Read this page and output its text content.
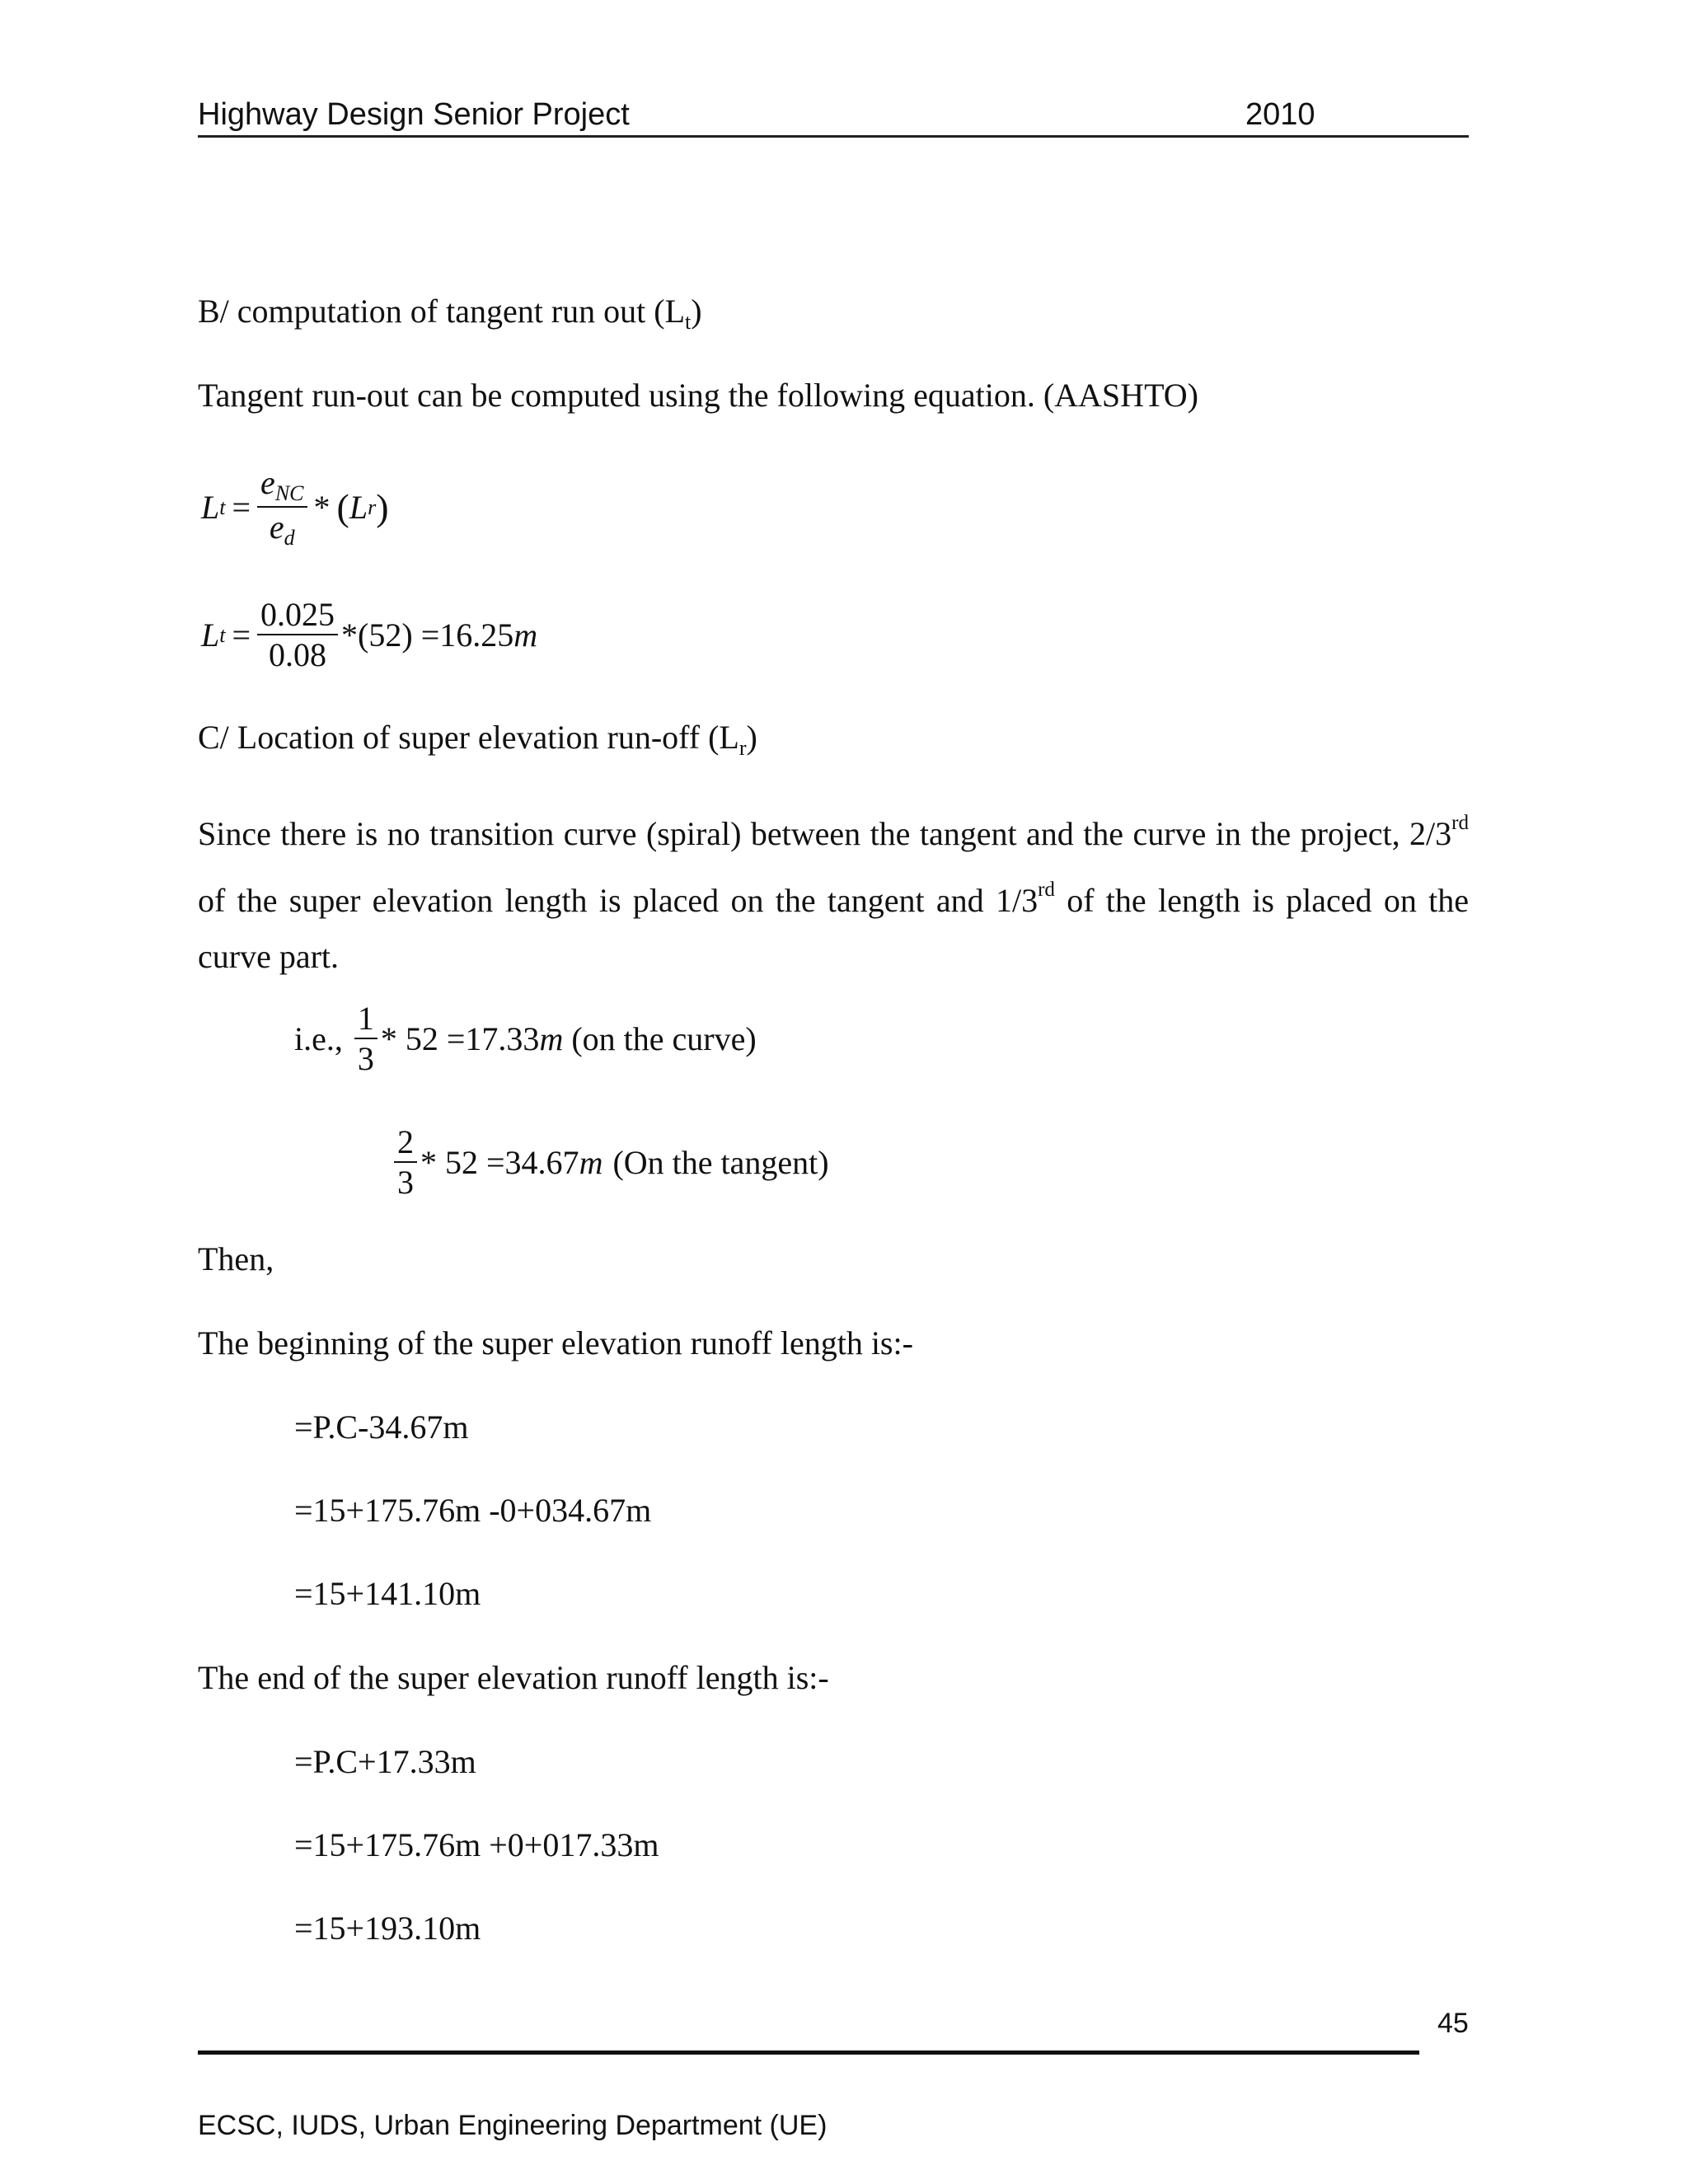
Highway Design Senior Project	2010
B/ computation of tangent run out $(L_t)$
Tangent run-out can be computed using the following equation. (AASHTO)
L $t = \frac{e_{NC}}{e_d}$ * ( L r )
L $t = \frac{0.025}{0.08} *(52) =16.25$ m
C/ Location of super elevation run-off $(L_r)$
Since there is no transition curve (spiral) between the tangent and the curve in the project, 2/3rd of the super elevation length is placed on the tangent and 1/3rd of the length is placed on the curve part.
i.e., $\frac{1}{3} * 52 =17.33$ m (on the curve)
$\frac{2}{3} * 52 =34.67$ m (On the tangent)
Then,
The beginning of the super elevation runoff length is:-
=P.C-34.67m
=15+175.76m -0+034.67m
=15+141.10m
The end of the super elevation runoff length is:-
=P.C+17.33m
=15+175.76m +0+017.33m
=15+193.10m
45
ECSC, IUDS, Urban Engineering Department (UE)
